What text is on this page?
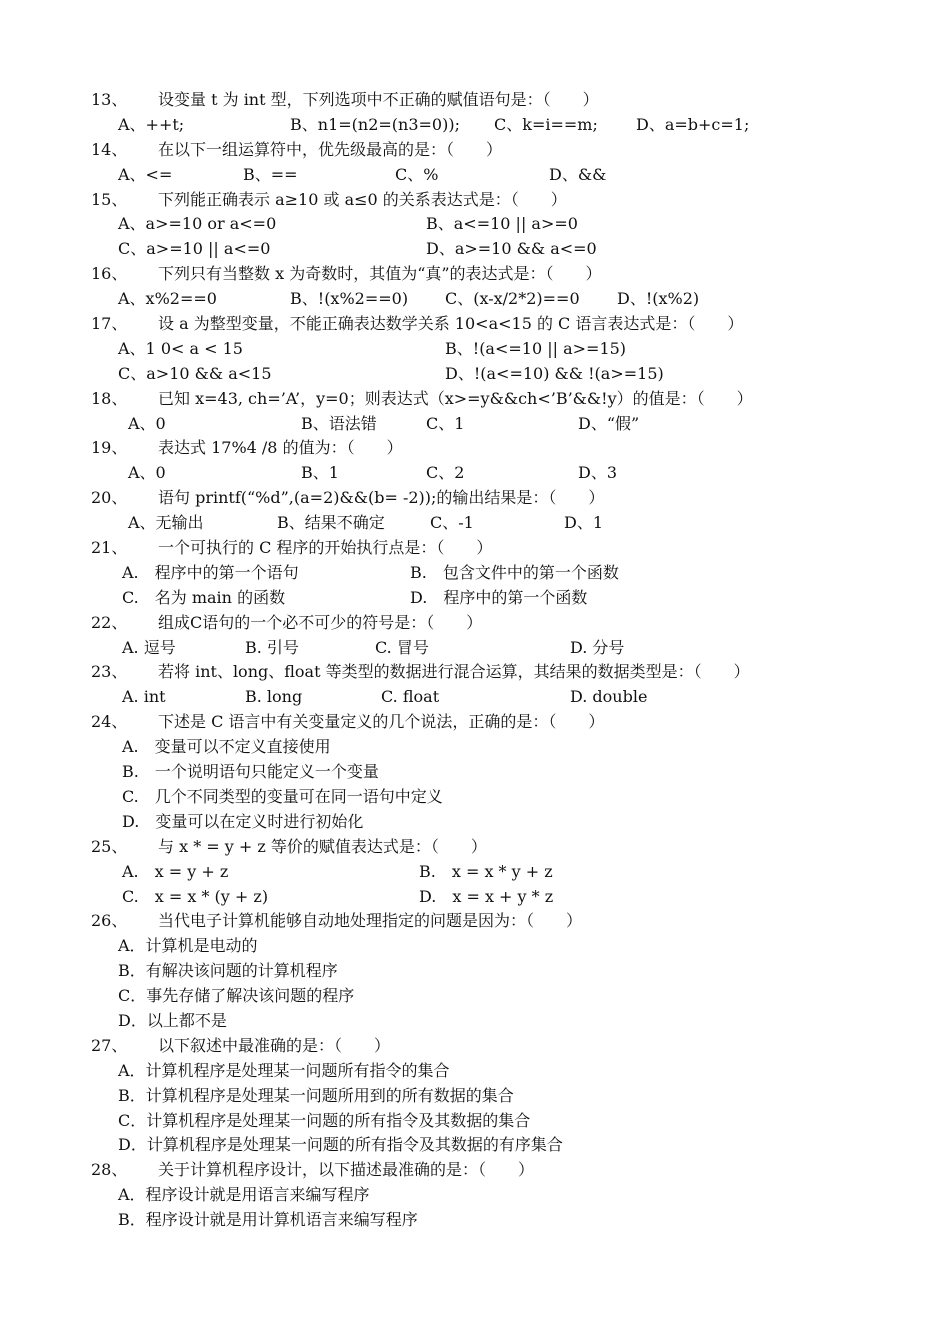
13、 设变量 t 为 int 型，下列选项中不正确的赋值语句是：（　　）
A、++t;	B、n1=(n2=(n3=0)); C、k=i==m; D、a=b+c=1;
14、 在以下一组运算符中，优先级最高的是：（　　）
A、<=	B、==	C、%	D、&&
15、 下列能正确表示 a≥10 或 a≤0 的关系表达式是：（　　）
A、a>=10 or a<=0	B、a<=10 || a>=0
C、a>=10 || a<=0	D、a>=10 && a<=0
16、 下列只有当整数 x 为奇数时，其值为“真”的表达式是：（　　）
A、x%2==0	B、!(x%2==0) C、(x-x/2*2)==0 D、!(x%2)
17、 设 a 为整型变量，不能正确表达数学关系 10<a<15 的 C 语言表达式是：（　　）
A、1 0< a < 15	B、!(a<=10 || a>=15)
C、a>10 && a<15	D、!(a<=10) && !(a>=15)
18、 已知 x=43, ch=’A’，y=0；则表达式（x>=y&&ch<’B’&&!y）的值是：（　　）
A、0	B、语法错	C、1	D、“假”
19、 表达式 17%4 /8 的值为：（　　）
A、0	B、1	C、2	D、3
20、 语句 printf(“%d”,(a=2)&&(b= -2));的输出结果是：（　　）
A、无输出	B、结果不确定	C、-1	D、1
21、 一个可执行的 C 程序的开始执行点是：（　　）
A.　程序中的第一个语句	B.　包含文件中的第一个函数
C.　名为 main 的函数	D.　程序中的第一个函数
22、 组成C语句的一个必不可少的符号是：（　　）
A. 逗号	B. 引号	C. 冒号	D. 分号
23、 若将 int、long、float 等类型的数据进行混合运算，其结果的数据类型是：（　　）
A. int	B. long	C. float	D. double
24、 下述是 C 语言中有关变量定义的几个说法，正确的是：（　　）
A.　变量可以不定义直接使用
B.　一个说明语句只能定义一个变量
C.　几个不同类型的变量可在同一语句中定义
D.　变量可以在定义时进行初始化
25、 与 x * = y + z 等价的赋值表达式是：（　　）
A.　x = y + z	B.　x = x * y + z
C.　x = x * (y + z)	D.　x = x + y * z
26、 当代电子计算机能够自动地处理指定的问题是因为：（　　）
A．计算机是电动的
B．有解决该问题的计算机程序
C．事先存储了解决该问题的程序
D．以上都不是
27、 以下叙述中最准确的是：（　　）
A．计算机程序是处理某一问题所有指令的集合
B．计算机程序是处理某一问题所用到的所有数据的集合
C．计算机程序是处理某一问题的所有指令及其数据的集合
D．计算机程序是处理某一问题的所有指令及其数据的有序集合
28、 关于计算机程序设计，以下描述最准确的是：（　　）
A．程序设计就是用语言来编写程序
B．程序设计就是用计算机语言来编写程序
